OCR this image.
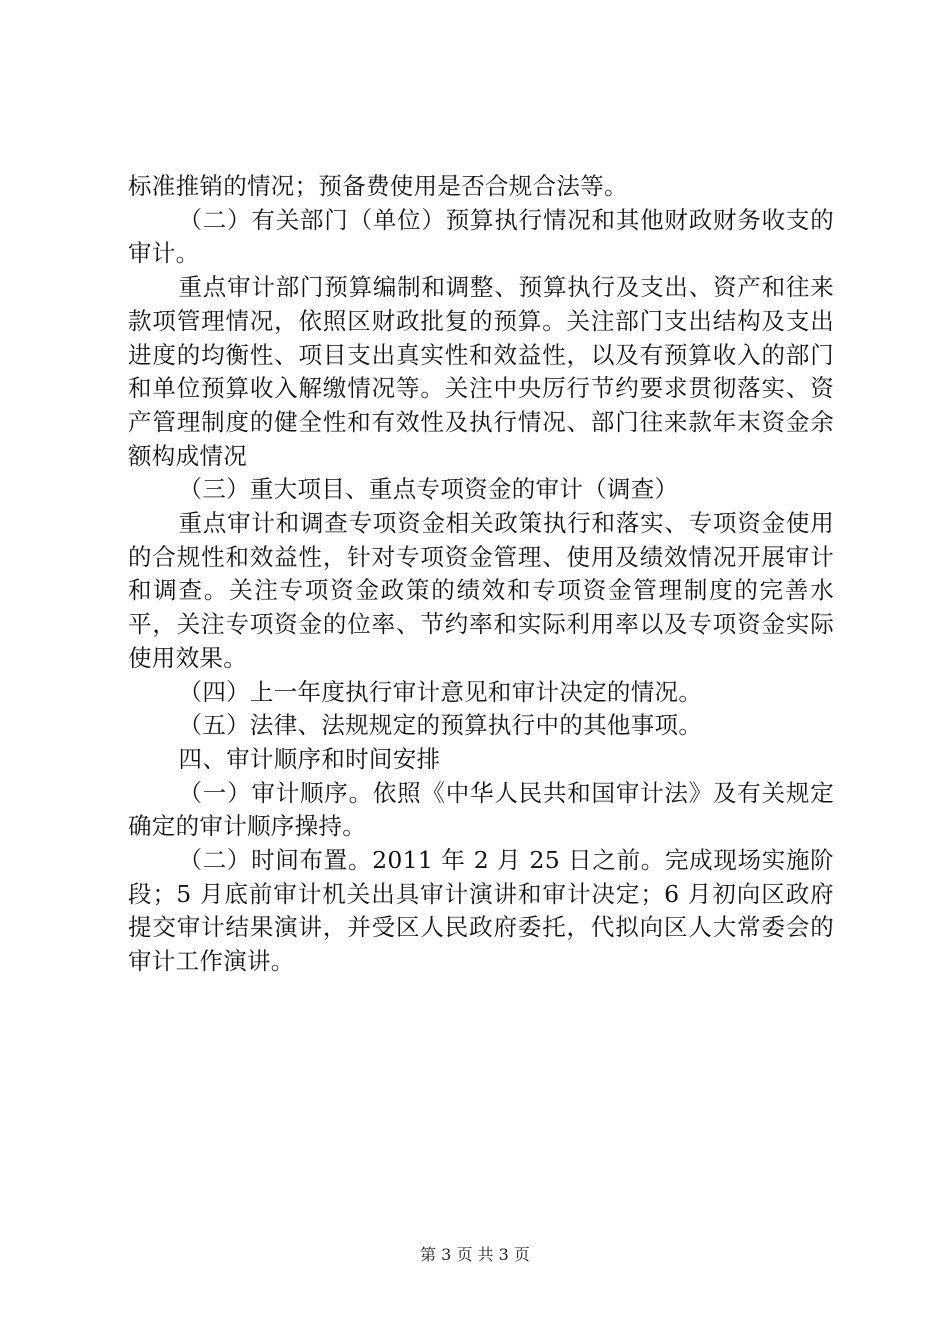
标准推销的情况；预备费使用是否合规合法等。

（二）有关部门（单位）预算执行情况和其他财政财务收支的审计。

重点审计部门预算编制和调整、预算执行及支出、资产和往来款项管理情况，依照区财政批复的预算。关注部门支出结构及支出进度的均衡性、项目支出真实性和效益性，以及有预算收入的部门和单位预算收入解缴情况等。关注中央厉行节约要求贯彻落实、资产管理制度的健全性和有效性及执行情况、部门往来款年末资金余额构成情况

（三）重大项目、重点专项资金的审计（调查）

重点审计和调查专项资金相关政策执行和落实、专项资金使用的合规性和效益性，针对专项资金管理、使用及绩效情况开展审计和调查。关注专项资金政策的绩效和专项资金管理制度的完善水平，关注专项资金的位率、节约率和实际利用率以及专项资金实际使用效果。

（四）上一年度执行审计意见和审计决定的情况。

（五）法律、法规规定的预算执行中的其他事项。

四、审计顺序和时间安排

（一）审计顺序。依照《中华人民共和国审计法》及有关规定确定的审计顺序操持。

（二）时间布置。2011 年 2 月 25 日之前。完成现场实施阶段；5 月底前审计机关出具审计演讲和审计决定；6 月初向区政府提交审计结果演讲，并受区人民政府委托，代拟向区人大常委会的审计工作演讲。

第 3 页 共 3 页
